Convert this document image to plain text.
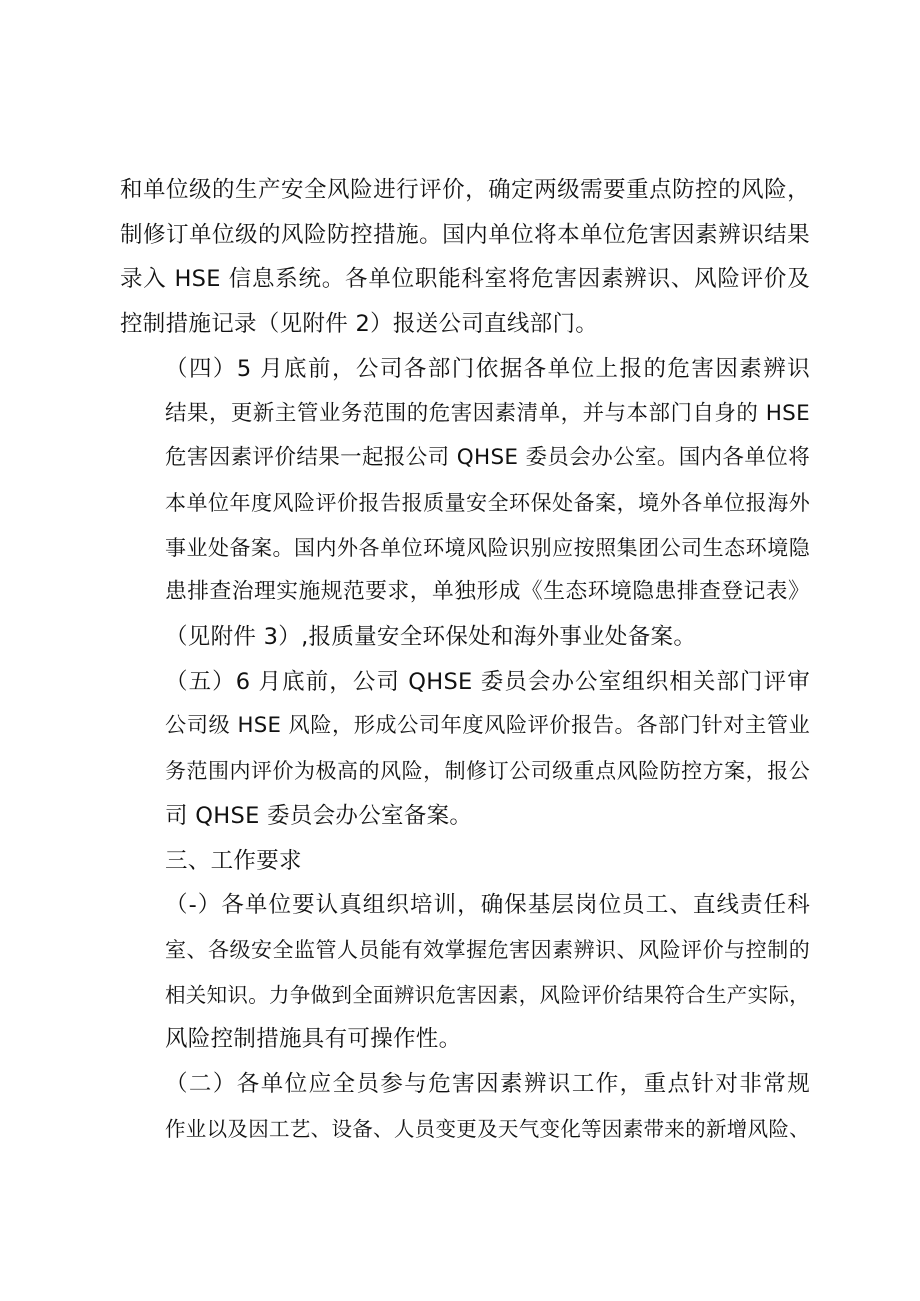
和单位级的生产安全风险进行评价，确定两级需要重点防控的风险，
制修订单位级的风险防控措施。国内单位将本单位危害因素辨识结果
录入 HSE 信息系统。各单位职能科室将危害因素辨识、风险评价及
控制措施记录（见附件 2）报送公司直线部门。

（四）5 月底前，公司各部门依据各单位上报的危害因素辨识
结果，更新主管业务范围的危害因素清单，并与本部门自身的 HSE
危害因素评价结果一起报公司 QHSE 委员会办公室。国内各单位将
本单位年度风险评价报告报质量安全环保处备案，境外各单位报海外
事业处备案。国内外各单位环境风险识别应按照集团公司生态环境隐
患排查治理实施规范要求，单独形成《生态环境隐患排查登记表》
（见附件 3）,报质量安全环保处和海外事业处备案。

（五）6 月底前，公司 QHSE 委员会办公室组织相关部门评审
公司级 HSE 风险，形成公司年度风险评价报告。各部门针对主管业
务范围内评价为极高的风险，制修订公司级重点风险防控方案，报公
司 QHSE 委员会办公室备案。

三、工作要求

（-）各单位要认真组织培训，确保基层岗位员工、直线责任科
室、各级安全监管人员能有效掌握危害因素辨识、风险评价与控制的
相关知识。力争做到全面辨识危害因素，风险评价结果符合生产实际，
风险控制措施具有可操作性。

（二）各单位应全员参与危害因素辨识工作，重点针对非常规
作业以及因工艺、设备、人员变更及天气变化等因素带来的新增风险、
